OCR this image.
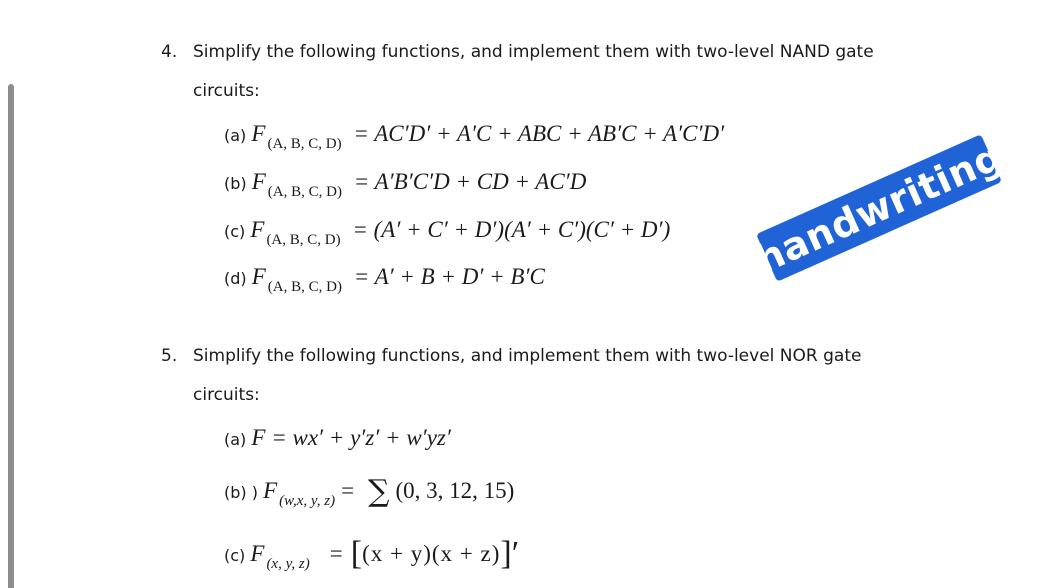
4. Simplify the following functions, and implement them with two-level NAND gate
circuits:
(a) F (A, B, C, D) = AC′D′ + A′C + ABC + AB′C + A′C′D′
(b) F (A, B, C, D) = A′B′C′D + CD + AC′D
(c) F (A, B, C, D) = (A′ + C′ + D′)(A′ + C′)(C′ + D′)
(d) F (A, B, C, D) = A′ + B + D′ + B′C
5. Simplify the following functions, and implement them with two-level NOR gate
circuits:
(a) F = wx′ + y′z′ + w′yz′
(b) ) F (w,x, y, z) = ∑ (0, 3, 12, 15)
(c) F (x, y, z) = [(x + y)(x + z)]′
handwriting
